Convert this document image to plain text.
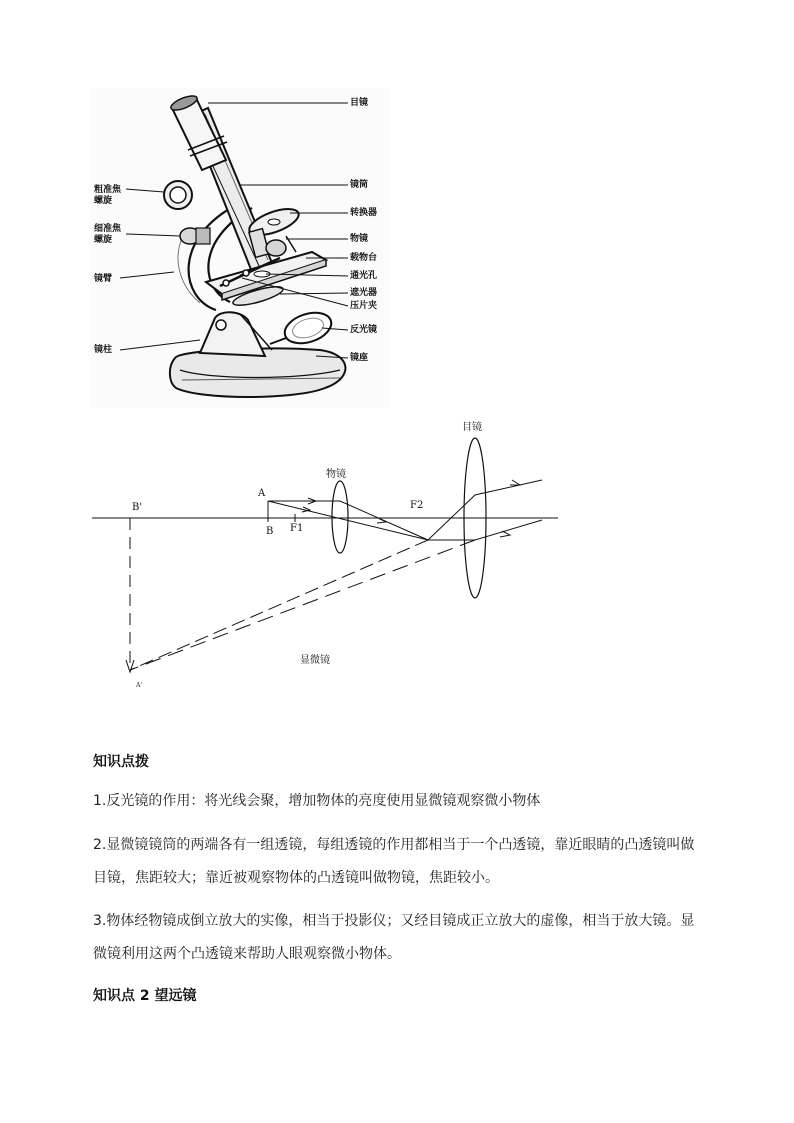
目镜
镜筒
转换器
物镜
载物台
通光孔
遮光器
压片夹
反光镜
镜座
粗准焦螺旋
细准焦螺旋
镜臂
镜柱
目镜
物镜
A
B
B'
A'
F1
F2
显微镜
知识点拨
1.反光镜的作用：将光线会聚，增加物体的亮度使用显微镜观察微小物体
2.显微镜镜筒的两端各有一组透镜，每组透镜的作用都相当于一个凸透镜，靠近眼睛的凸透镜叫做目镜，焦距较大；靠近被观察物体的凸透镜叫做物镜，焦距较小。
3.物体经物镜成倒立放大的实像，相当于投影仪；又经目镜成正立放大的虚像，相当于放大镜。显微镜利用这两个凸透镜来帮助人眼观察微小物体。
知识点 2 望远镜
